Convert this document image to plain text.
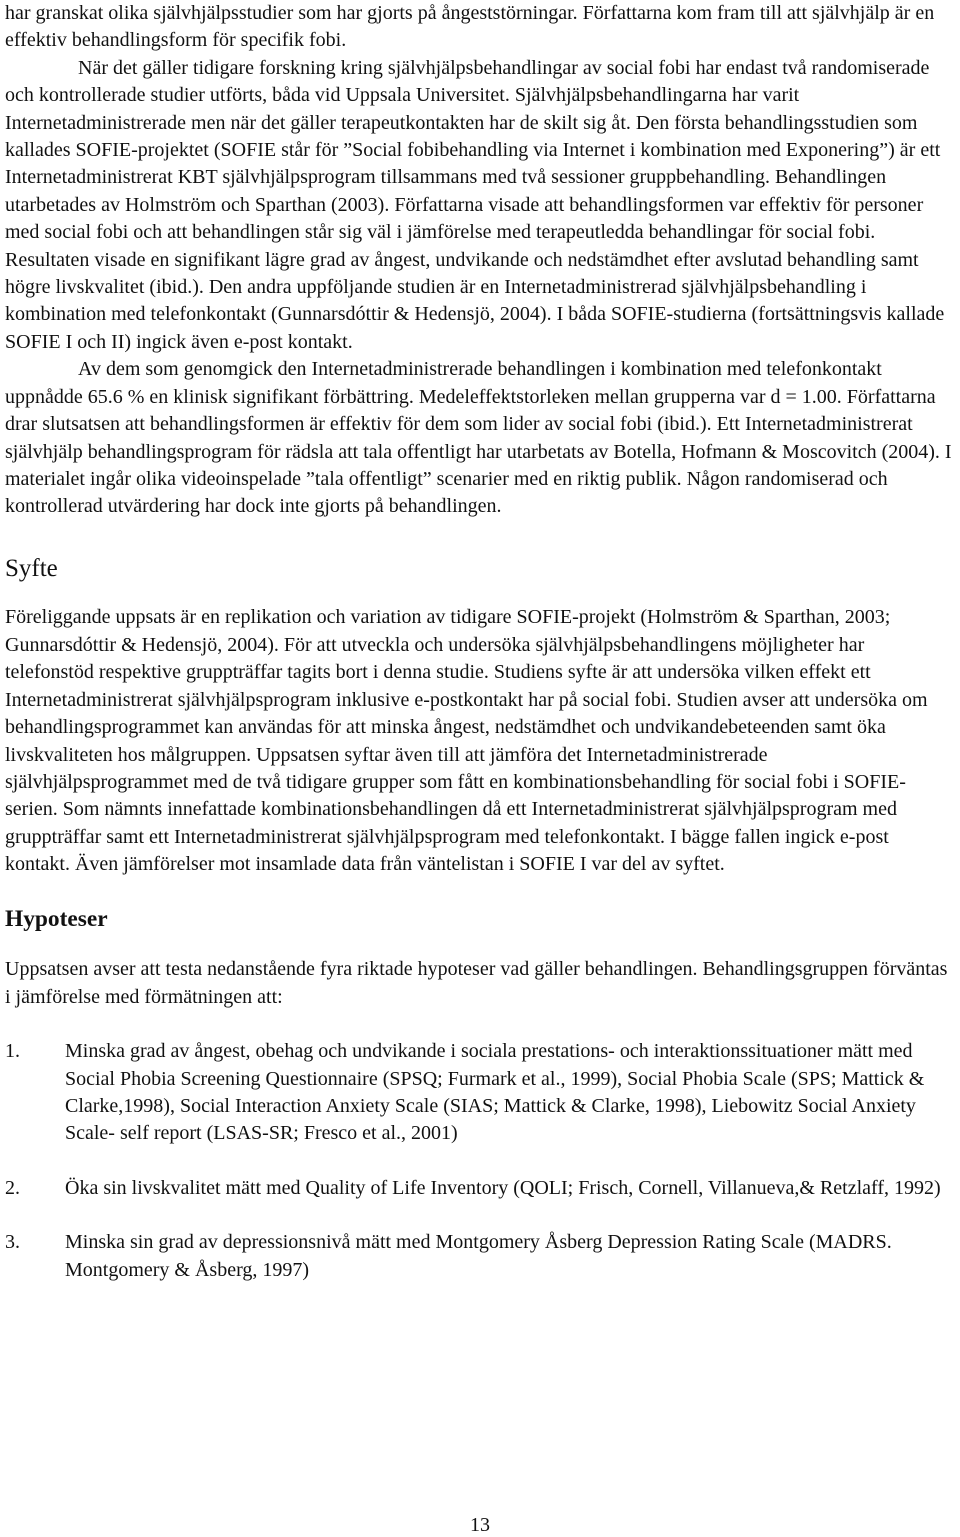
har granskat olika självhjälpsstudier som har gjorts på ångeststörningar. Författarna kom fram till att självhjälp är en effektiv behandlingsform för specifik fobi.

När det gäller tidigare forskning kring självhjälpsbehandlingar av social fobi har endast två randomiserade och kontrollerade studier utförts, båda vid Uppsala Universitet. Självhjälpsbehandlingarna har varit Internetadministrerade men när det gäller terapeutkontakten har de skilt sig åt. Den första behandlingsstudien som kallades SOFIE-projektet (SOFIE står för ”Social fobibehandling via Internet i kombination med Exponering”) är ett Internetadministrerat KBT självhjälpsprogram tillsammans med två sessioner gruppbehandling. Behandlingen utarbetades av Holmström och Sparthan (2003). Författarna visade att behandlingsformen var effektiv för personer med social fobi och att behandlingen står sig väl i jämförelse med terapeutledda behandlingar för social fobi. Resultaten visade en signifikant lägre grad av ångest, undvikande och nedstämdhet efter avslutad behandling samt högre livskvalitet (ibid.). Den andra uppföljande studien är en Internetadministrerad självhjälpsbehandling i kombination med telefonkontakt (Gunnarsdóttir & Hedensjö, 2004). I båda SOFIE-studierna (fortsättningsvis kallade SOFIE I och II) ingick även e-post kontakt.

Av dem som genomgick den Internetadministrerade behandlingen i kombination med telefonkontakt uppnådde 65.6 % en klinisk signifikant förbättring. Medeleffektstorleken mellan grupperna var d = 1.00. Författarna drar slutsatsen att behandlingsformen är effektiv för dem som lider av social fobi (ibid.). Ett Internetadministrerat självhjälp behandlingsprogram för rädsla att tala offentligt har utarbetats av Botella, Hofmann & Moscovitch (2004). I materialet ingår olika videoinspelade ”tala offentligt” scenarier med en riktig publik. Någon randomiserad och kontrollerad utvärdering har dock inte gjorts på behandlingen.

Syfte

Föreliggande uppsats är en replikation och variation av tidigare SOFIE-projekt (Holmström & Sparthan, 2003; Gunnarsdóttir & Hedensjö, 2004). För att utveckla och undersöka självhjälpsbehandlingens möjligheter har telefonstöd respektive gruppträffar tagits bort i denna studie. Studiens syfte är att undersöka vilken effekt ett Internetadministrerat självhjälpsprogram inklusive e-postkontakt har på social fobi. Studien avser att undersöka om behandlingsprogrammet kan användas för att minska ångest, nedstämdhet och undvikandebeteenden samt öka livskvaliteten hos målgruppen. Uppsatsen syftar även till att jämföra det Internetadministrerade självhjälpsprogrammet med de två tidigare grupper som fått en kombinationsbehandling för social fobi i SOFIE-serien. Som nämnts innefattade kombinationsbehandlingen då ett Internetadministrerat självhjälpsprogram med gruppträffar samt ett Internetadministrerat självhjälpsprogram med telefonkontakt. I bägge fallen ingick e-post kontakt. Även jämförelser mot insamlade data från väntelistan i SOFIE I var del av syftet.

Hypoteser

Uppsatsen avser att testa nedanstående fyra riktade hypoteser vad gäller behandlingen. Behandlingsgruppen förväntas i jämförelse med förmätningen att:

1. Minska grad av ångest, obehag och undvikande i sociala prestations- och interaktionssituationer mätt med Social Phobia Screening Questionnaire (SPSQ; Furmark et al., 1999), Social Phobia Scale (SPS; Mattick & Clarke,1998), Social Interaction Anxiety Scale (SIAS; Mattick & Clarke, 1998), Liebowitz Social Anxiety Scale- self report (LSAS-SR; Fresco et al., 2001)
2. Öka sin livskvalitet mätt med Quality of Life Inventory (QOLI; Frisch, Cornell, Villanueva,& Retzlaff, 1992)
3. Minska sin grad av depressionsnivå mätt med Montgomery Åsberg Depression Rating Scale (MADRS. Montgomery & Åsberg, 1997)
13
